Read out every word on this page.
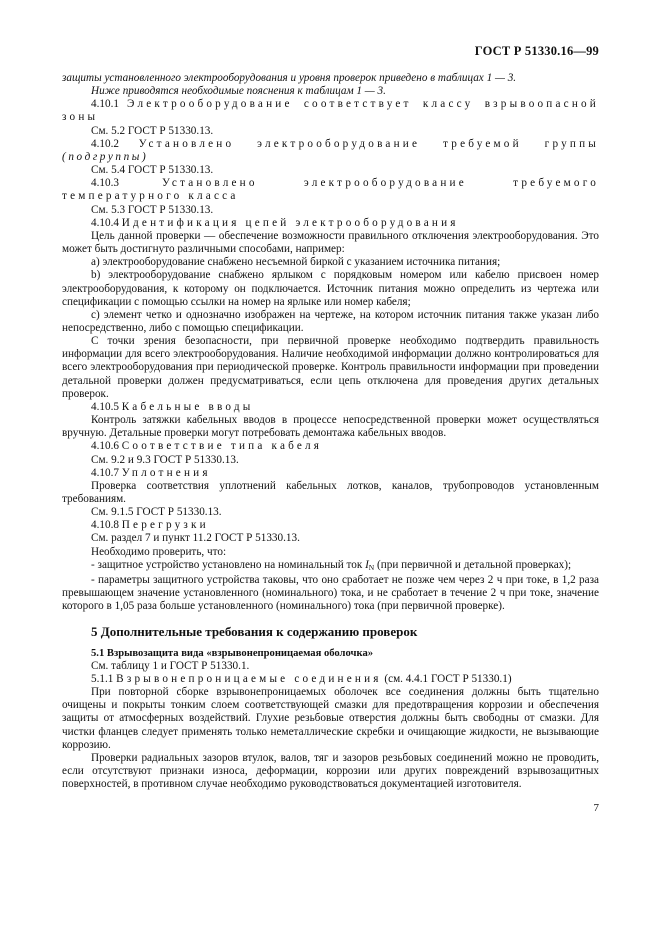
ГОСТ Р 51330.16—99

защиты установленного электрооборудования и уровня проверок приведено в таблицах 1 — 3.

Ниже приводятся необходимые пояснения к таблицам 1 — 3.

4.10.1 Электрооборудование соответствует классу взрывоопасной зоны

См. 5.2 ГОСТ Р 51330.13.

4.10.2 Установлено электрооборудование требуемой группы (подгруппы)

См. 5.4 ГОСТ Р 51330.13.

4.10.3	Установлено электрооборудование требуемого температурного класса

См. 5.3 ГОСТ Р 51330.13.

4.10.4 Идентификация цепей электрооборудования

Цель данной проверки — обеспечение возможности правильного отключения электрооборудования. Это может быть достигнуто различными способами, например:

а) электрооборудование снабжено несъемной биркой с указанием источника питания;

b) электрооборудование снабжено ярлыком с порядковым номером или кабелю присвоен номер электрооборудования, к которому он подключается. Источник питания можно определить из чертежа или спецификации с помощью ссылки на номер на ярлыке или номер кабеля;

с) элемент четко и однозначно изображен на чертеже, на котором источник питания также указан либо непосредственно, либо с помощью спецификации.

С точки зрения безопасности, при первичной проверке необходимо подтвердить правильность информации для всего электрооборудования. Наличие необходимой информации должно контролироваться для всего электрооборудования при периодической проверке. Контроль правильности информации при проведении детальной проверки должен предусматриваться, если цепь отключена для проведения других детальных проверок.

4.10.5 Кабельные вводы

Контроль затяжки кабельных вводов в процессе непосредственной проверки может осуществляться вручную. Детальные проверки могут потребовать демонтажа кабельных вводов.

4.10.6 Соответствие типа кабеля

См. 9.2 и 9.3 ГОСТ Р 51330.13.

4.10.7 Уплотнения

Проверка соответствия уплотнений кабельных лотков, каналов, трубопроводов установленным требованиям.

См. 9.1.5 ГОСТ Р 51330.13.

4.10.8 Перегрузки

См. раздел 7 и пункт 11.2 ГОСТ Р 51330.13.

Необходимо проверить, что:

- защитное устройство установлено на номинальный ток $I_N$ (при первичной и детальной проверках);

- параметры защитного устройства таковы, что оно сработает не позже чем через 2 ч при токе, в 1,2 раза превышающем значение установленного (номинального) тока, и не сработает в течение 2 ч при токе, значение которого в 1,05 раза больше установленного (номинального) тока (при первичной проверке).

5 Дополнительные требования к содержанию проверок

5.1 Взрывозащита вида «взрывонепроницаемая оболочка»

См. таблицу 1 и ГОСТ Р 51330.1.

5.1.1 Взрывонепроницаемые соединения (см. 4.4.1 ГОСТ Р 51330.1)

При повторной сборке взрывонепроницаемых оболочек все соединения должны быть тщательно очищены и покрыты тонким слоем соответствующей смазки для предотвращения коррозии и обеспечения защиты от атмосферных воздействий. Глухие резьбовые отверстия должны быть свободны от смазки. Для чистки фланцев следует применять только неметаллические скребки и очищающие жидкости, не вызывающие коррозию.

Проверки радиальных зазоров втулок, валов, тяг и зазоров резьбовых соединений можно не проводить, если отсутствуют признаки износа, деформации, коррозии или других повреждений взрывозащитных поверхностей, в противном случае необходимо руководствоваться документацией изготовителя.

7
